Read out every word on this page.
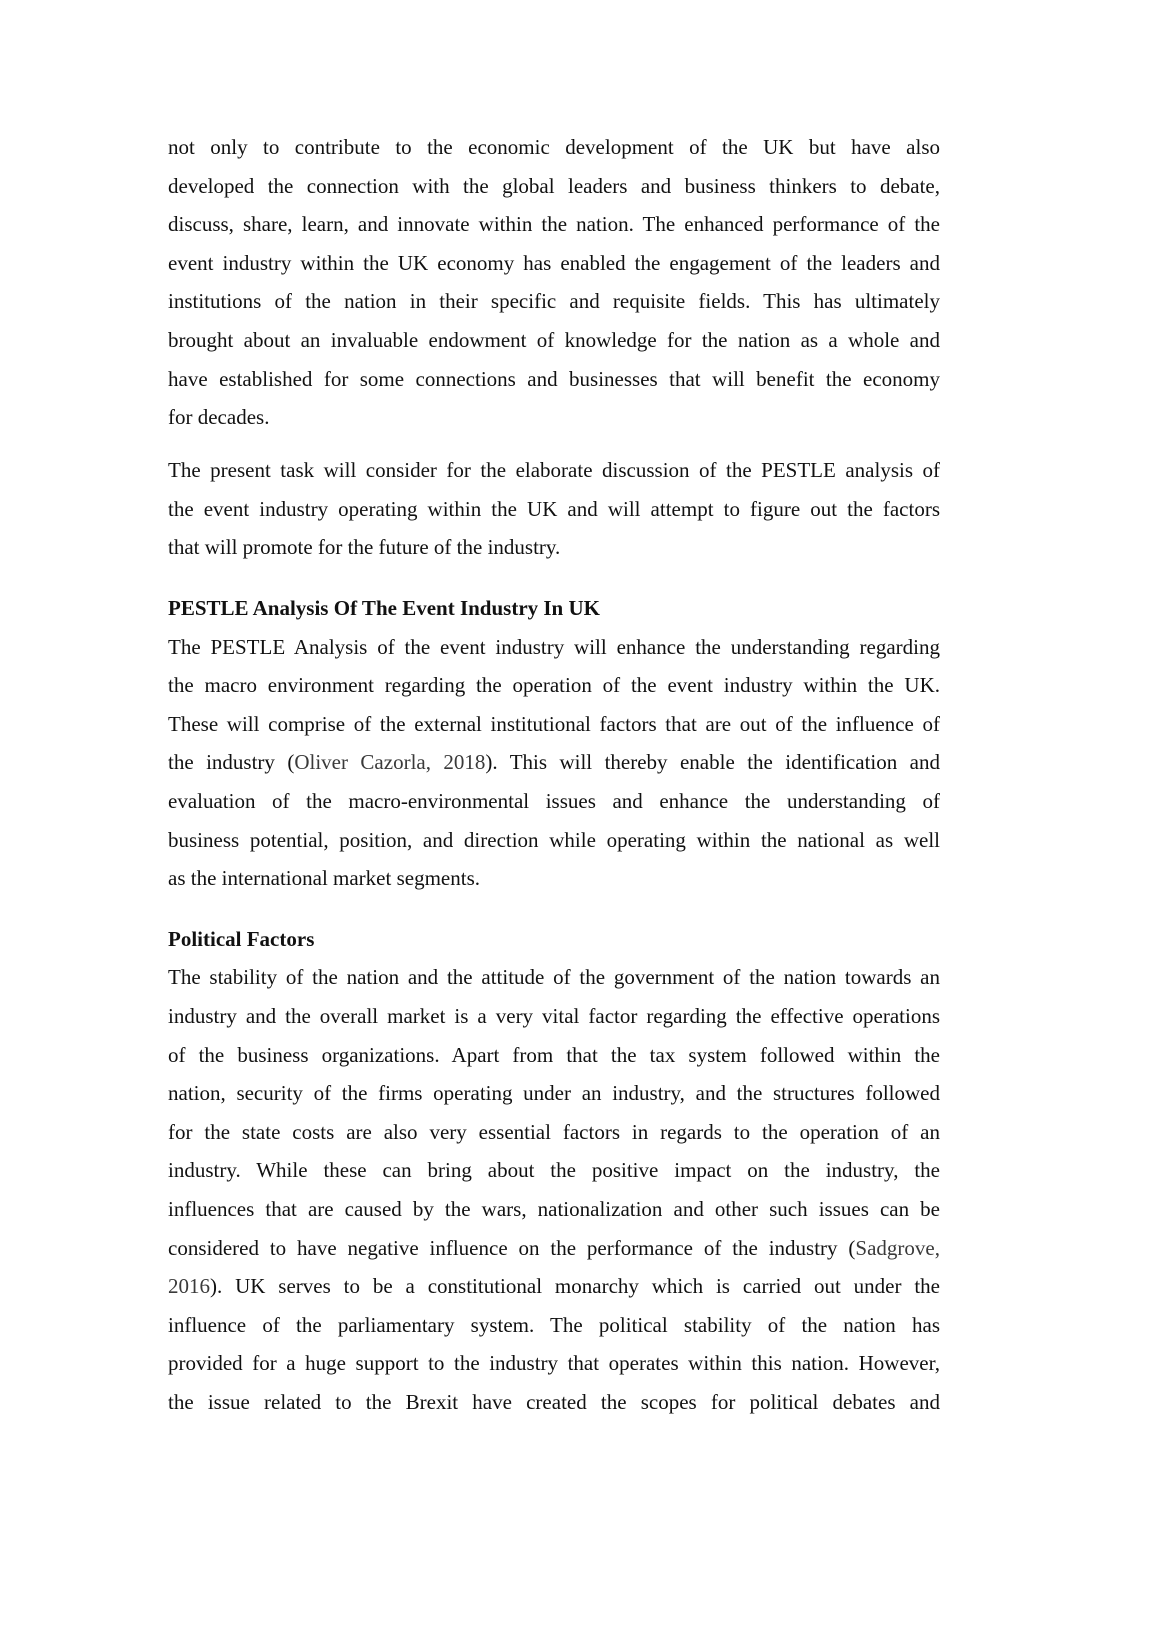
not only to contribute to the economic development of the UK but have also
developed the connection with the global leaders and business thinkers to debate,
discuss, share, learn, and innovate within the nation. The enhanced performance of the
event industry within the UK economy has enabled the engagement of the leaders and
institutions of the nation in their specific and requisite fields. This has ultimately
brought about an invaluable endowment of knowledge for the nation as a whole and
have established for some connections and businesses that will benefit the economy
for decades.
The present task will consider for the elaborate discussion of the PESTLE analysis of
the event industry operating within the UK and will attempt to figure out the factors
that will promote for the future of the industry.
PESTLE Analysis Of The Event Industry In UK
The PESTLE Analysis of the event industry will enhance the understanding regarding
the macro environment regarding the operation of the event industry within the UK.
These will comprise of the external institutional factors that are out of the influence of
the industry (Oliver Cazorla, 2018). This will thereby enable the identification and
evaluation of the macro-environmental issues and enhance the understanding of
business potential, position, and direction while operating within the national as well
as the international market segments.
Political Factors
The stability of the nation and the attitude of the government of the nation towards an
industry and the overall market is a very vital factor regarding the effective operations
of the business organizations. Apart from that the tax system followed within the
nation, security of the firms operating under an industry, and the structures followed
for the state costs are also very essential factors in regards to the operation of an
industry. While these can bring about the positive impact on the industry, the
influences that are caused by the wars, nationalization and other such issues can be
considered to have negative influence on the performance of the industry (Sadgrove,
2016). UK serves to be a constitutional monarchy which is carried out under the
influence of the parliamentary system. The political stability of the nation has
provided for a huge support to the industry that operates within this nation. However,
the issue related to the Brexit have created the scopes for political debates and
